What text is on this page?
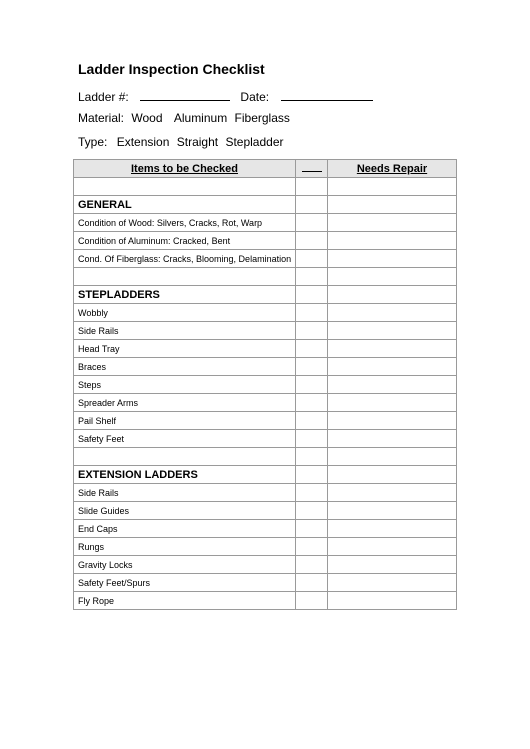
Ladder Inspection Checklist
Ladder #:	Date:
Material: Wood Aluminum Fiberglass
Type: Extension Straight Stepladder
Items to be Checked		Needs Repair

GENERAL		
Condition of Wood: Silvers, Cracks, Rot, Warp		
Condition of Aluminum: Cracked, Bent		
Cond. Of Fiberglass: Cracks, Blooming, Delamination		

STEPLADDERS		
Wobbly		
Side Rails		
Head Tray		
Braces		
Steps		
Spreader Arms		
Pail Shelf		
Safety Feet		

EXTENSION LADDERS		
Side Rails		
Slide Guides		
End Caps		
Rungs		
Gravity Locks		
Safety Feet/Spurs		
Fly Rope		
